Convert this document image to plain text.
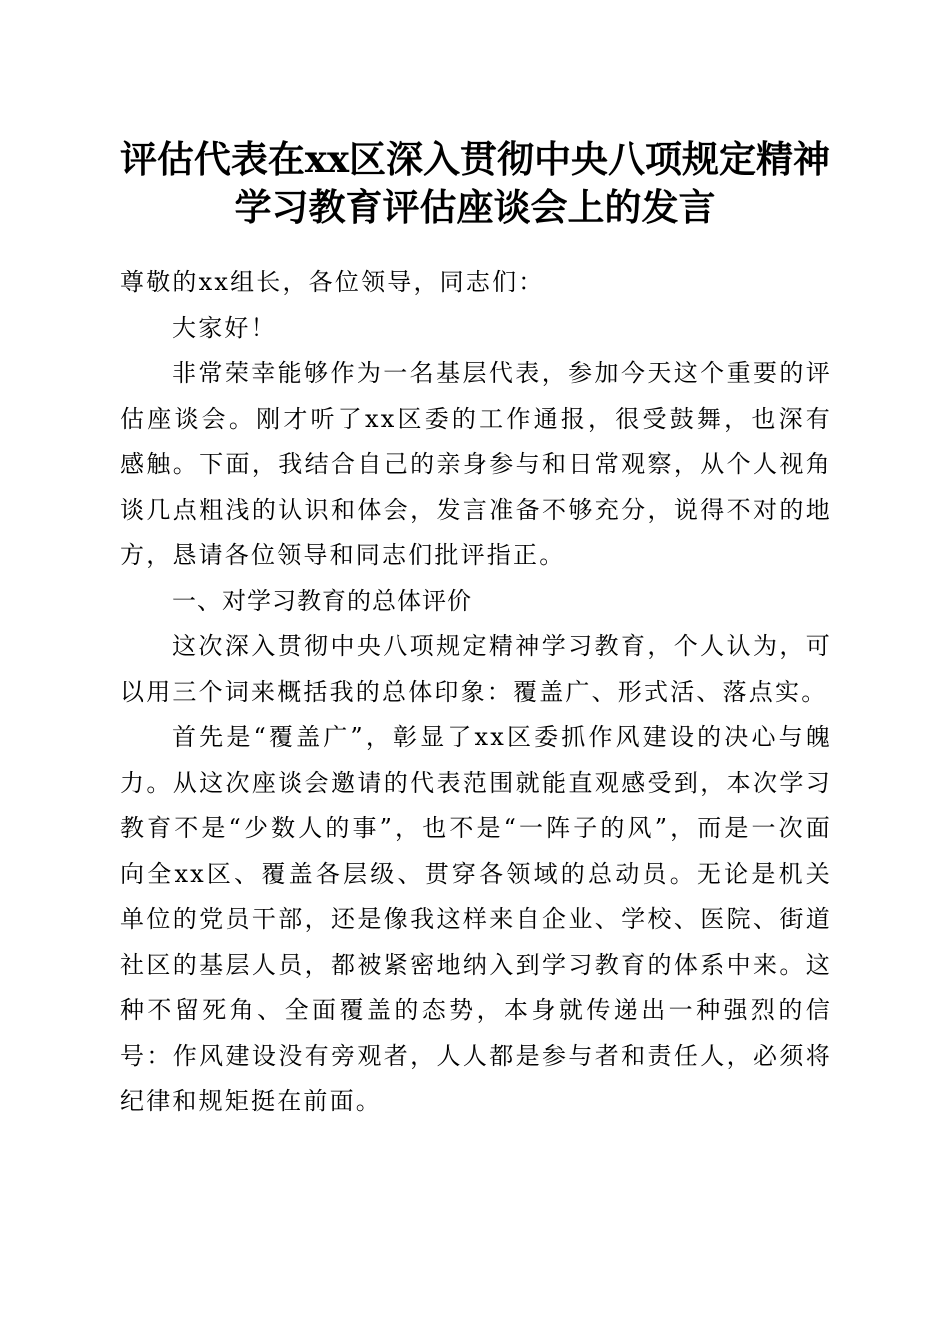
评估代表在xx区深入贯彻中央八项规定精神
学习教育评估座谈会上的发言

尊敬的xx组长，各位领导，同志们：

大家好！

非常荣幸能够作为一名基层代表，参加今天这个重要的评估座谈会。刚才听了xx区委的工作通报，很受鼓舞，也深有感触。下面，我结合自己的亲身参与和日常观察，从个人视角谈几点粗浅的认识和体会，发言准备不够充分，说得不对的地方，恳请各位领导和同志们批评指正。

一、对学习教育的总体评价

这次深入贯彻中央八项规定精神学习教育，个人认为，可以用三个词来概括我的总体印象：覆盖广、形式活、落点实。

首先是“覆盖广”，彰显了xx区委抓作风建设的决心与魄力。从这次座谈会邀请的代表范围就能直观感受到，本次学习教育不是“少数人的事”，也不是“一阵子的风”，而是一次面向全xx区、覆盖各层级、贯穿各领域的总动员。无论是机关单位的党员干部，还是像我这样来自企业、学校、医院、街道社区的基层人员，都被紧密地纳入到学习教育的体系中来。这种不留死角、全面覆盖的态势，本身就传递出一种强烈的信号：作风建设没有旁观者，人人都是参与者和责任人，必须将纪律和规矩挺在前面。
